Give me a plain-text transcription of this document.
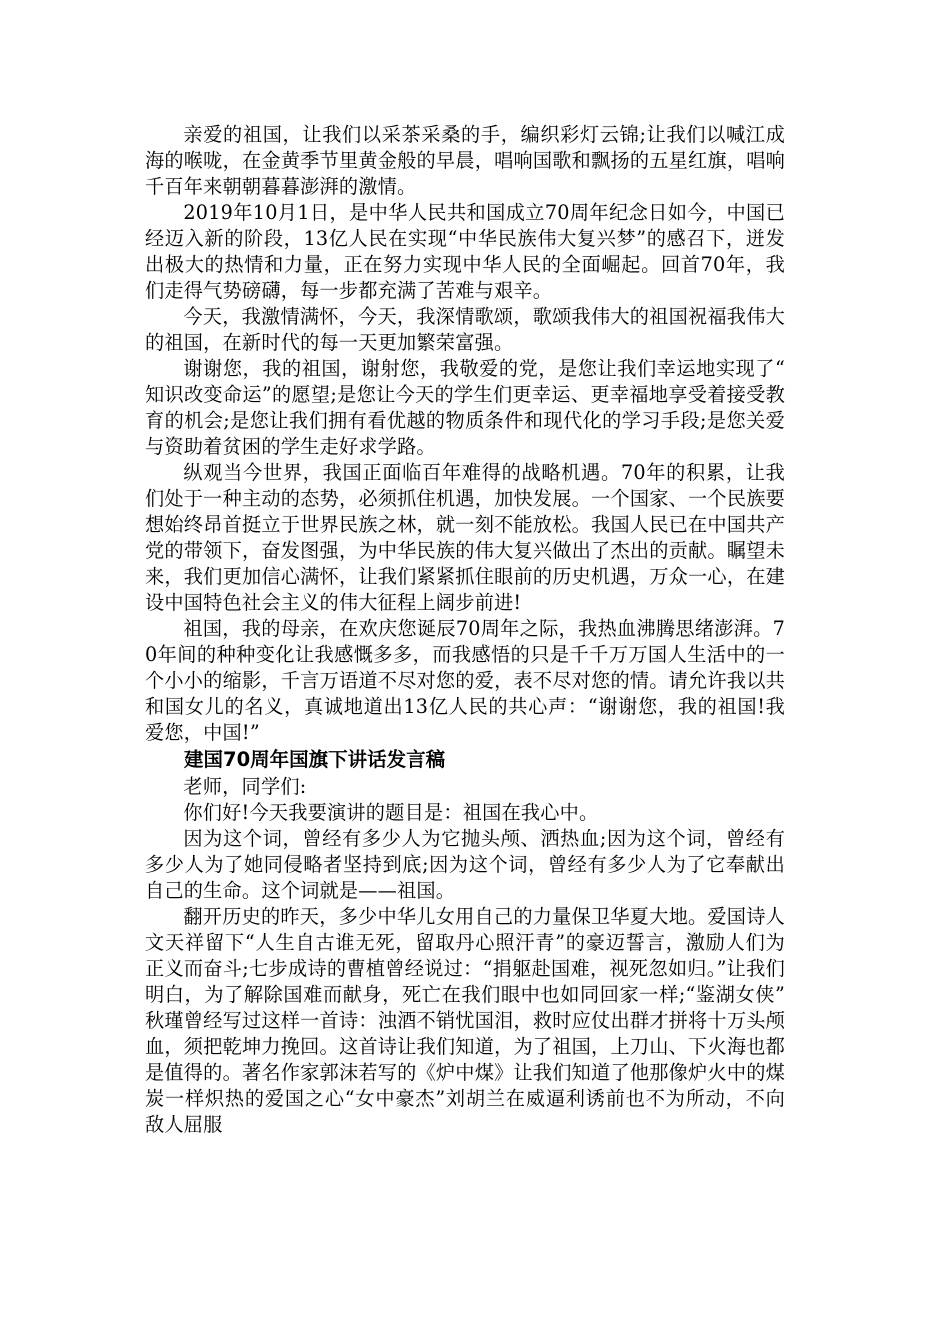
亲爱的祖国，让我们以采茶采桑的手，编织彩灯云锦;让我们以喊江成海的喉咙，在金黄季节里黄金般的早晨，唱响国歌和飘扬的五星红旗，唱响千百年来朝朝暮暮澎湃的激情。

2019年10月1日，是中华人民共和国成立70周年纪念日如今，中国已经迈入新的阶段，13亿人民在实现“中华民族伟大复兴梦”的感召下，迸发出极大的热情和力量，正在努力实现中华人民的全面崛起。回首70年，我们走得气势磅礴，每一步都充满了苦难与艰辛。

今天，我激情满怀，今天，我深情歌颂，歌颂我伟大的祖国祝福我伟大的祖国，在新时代的每一天更加繁荣富强。

谢谢您，我的祖国，谢射您，我敬爱的党，是您让我们幸运地实现了“知识改变命运”的愿望;是您让今天的学生们更幸运、更幸福地享受着接受教育的机会;是您让我们拥有看优越的物质条件和现代化的学习手段;是您关爱与资助着贫困的学生走好求学路。

纵观当今世界，我国正面临百年难得的战略机遇。70年的积累，让我们处于一种主动的态势，必须抓住机遇，加快发展。一个国家、一个民族要想始终昂首挺立于世界民族之林，就一刻不能放松。我国人民已在中国共产党的带领下，奋发图强，为中华民族的伟大复兴做出了杰出的贡献。瞩望未来，我们更加信心满怀，让我们紧紧抓住眼前的历史机遇，万众一心，在建设中国特色社会主义的伟大征程上阔步前进!

祖国，我的母亲，在欢庆您诞辰70周年之际，我热血沸腾思绪澎湃。70年间的种种变化让我感慨多多，而我感悟的只是千千万万国人生活中的一个小小的缩影，千言万语道不尽对您的爱，表不尽对您的情。请允许我以共和国女儿的名义，真诚地道出13亿人民的共心声：“谢谢您，我的祖国!我爱您，中国!”

建国70周年国旗下讲话发言稿

老师，同学们:

你们好!今天我要演讲的题目是：祖国在我心中。

因为这个词，曾经有多少人为它抛头颅、洒热血;因为这个词，曾经有多少人为了她同侵略者坚持到底;因为这个词，曾经有多少人为了它奉献出自己的生命。这个词就是——祖国。

翻开历史的昨天，多少中华儿女用自己的力量保卫华夏大地。爱国诗人文天祥留下“人生自古谁无死，留取丹心照汗青”的豪迈誓言，激励人们为正义而奋斗;七步成诗的曹植曾经说过：“捐躯赴国难，视死忽如归。”让我们明白，为了解除国难而献身，死亡在我们眼中也如同回家一样;“鉴湖女侠”秋瑾曾经写过这样一首诗：浊酒不销忧国泪，救时应仗出群才拼将十万头颅血，须把乾坤力挽回。这首诗让我们知道，为了祖国，上刀山、下火海也都是值得的。著名作家郭沫若写的《炉中煤》让我们知道了他那像炉火中的煤炭一样炽热的爱国之心“女中豪杰”刘胡兰在威逼利诱前也不为所动，不向敌人屈服
